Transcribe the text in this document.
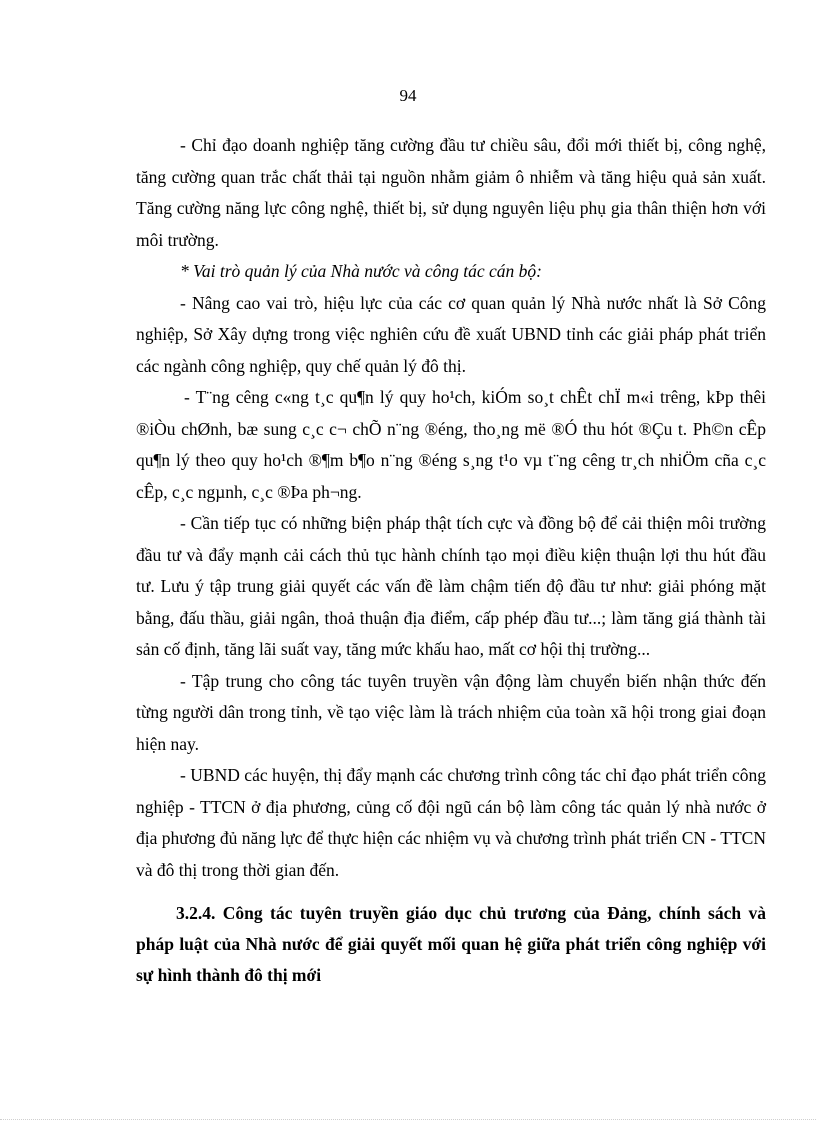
94

- Chỉ đạo doanh nghiệp tăng cường đầu tư chiều sâu, đổi mới thiết bị, công nghệ, tăng cường quan trắc chất thải tại nguồn nhằm giảm ô nhiễm và tăng hiệu quả sản xuất. Tăng cường năng lực công nghệ, thiết bị, sử dụng nguyên liệu phụ gia thân thiện hơn với môi trường.

* Vai trò quản lý của Nhà nước và công tác cán bộ:

- Nâng cao vai trò, hiệu lực của các cơ quan quản lý Nhà nước nhất là Sở Công nghiệp, Sở Xây dựng trong việc nghiên cứu đề xuất UBND tỉnh các giải pháp phát triển các ngành công nghiệp, quy chế quản lý đô thị.

- T¨ng cêng c«ng t¸c qu¶n lý quy ho¹ch, kiÓm so¸t chÊt chÏ m«i trêng, kÞp thêi ®iÒu chØnh, bæ sung c¸c c¬ chÕ n¨ng ®éng, tho¸ng më ®Ó thu hót ®Çu t. Ph©n cÊp qu¶n lý theo quy ho¹ch ®¶m b¶o n¨ng ®éng s¸ng t¹o vµ t¨ng cêng tr¸ch nhiÖm cña c¸c cÊp, c¸c ngµnh, c¸c ®Þa ph¬ng.

- Cần tiếp tục có những biện pháp thật tích cực và đồng bộ để cải thiện môi trường đầu tư và đẩy mạnh cải cách thủ tục hành chính tạo mọi điều kiện thuận lợi thu hút đầu tư. Lưu ý tập trung giải quyết các vấn đề làm chậm tiến độ đầu tư như: giải phóng mặt bằng, đấu thầu, giải ngân, thoả thuận địa điểm, cấp phép đầu tư...; làm tăng giá thành tài sản cố định, tăng lãi suất vay, tăng mức khấu hao, mất cơ hội thị trường...

- Tập trung cho công tác tuyên truyền vận động làm chuyển biến nhận thức đến từng người dân trong tỉnh, về tạo việc làm là trách nhiệm của toàn xã hội trong giai đoạn hiện nay.

- UBND các huyện, thị đẩy mạnh các chương trình công tác chỉ đạo phát triển công nghiệp - TTCN ở địa phương, củng cố đội ngũ cán bộ làm công tác quản lý nhà nước ở địa phương đủ năng lực để thực hiện các nhiệm vụ và chương trình phát triển CN - TTCN và đô thị trong thời gian đến.

3.2.4. Công tác tuyên truyền giáo dục chủ trương của Đảng, chính sách và pháp luật của Nhà nước để giải quyết mối quan hệ giữa phát triển công nghiệp với sự hình thành đô thị mới
